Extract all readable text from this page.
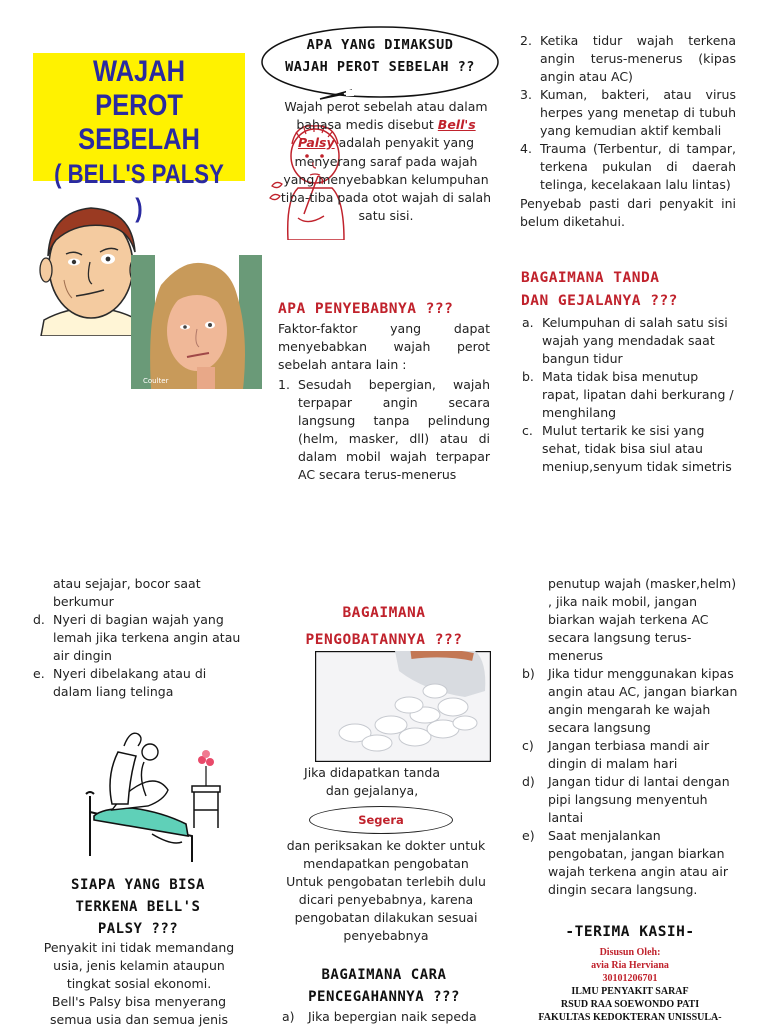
WAJAH PEROT
SEBELAH
( BELL'S PALSY )
Coulter
APA YANG DIMAKSUD
WAJAH PEROT SEBELAH ??
Wajah perot sebelah atau dalam bahasa medis disebut Bell's Palsy adalah penyakit yang menyerang saraf pada wajah yang menyebabkan kelumpuhan tiba-tiba pada otot wajah di salah satu sisi.
APA PENYEBABNYA ???
Faktor-faktor yang dapat menyebabkan wajah perot sebelah antara lain :
1. Sesudah bepergian, wajah terpapar angin secara langsung tanpa pelindung (helm, masker, dll) atau di dalam mobil wajah terpapar AC secara terus-menerus
2. Ketika tidur wajah terkena angin terus-menerus (kipas angin atau AC)
3. Kuman, bakteri, atau virus herpes yang menetap di tubuh yang kemudian aktif kembali
4. Trauma (Terbentur, di tampar, terkena pukulan di daerah telinga, kecelakaan lalu lintas)
Penyebab pasti dari penyakit ini belum diketahui.
BAGAIMANA TANDA
DAN GEJALANYA ???
a. Kelumpuhan di salah satu sisi wajah yang mendadak saat bangun tidur
b. Mata tidak bisa menutup rapat, lipatan dahi berkurang / menghilang
c. Mulut tertarik ke sisi yang sehat, tidak bisa siul atau meniup,senyum tidak simetris
atau sejajar, bocor saat berkumur
d. Nyeri di bagian wajah yang lemah jika terkena angin atau air dingin
e. Nyeri dibelakang atau di dalam liang telinga
SIAPA YANG BISA
TERKENA BELL'S
PALSY ???
Penyakit ini tidak memandang usia, jenis kelamin ataupun tingkat sosial ekonomi.
Bell's Palsy bisa menyerang semua usia dan semua jenis
BAGAIMANA
PENGOBATANNYA ???
Jika didapatkan tanda dan gejalanya,
Segera
dan periksakan ke dokter untuk mendapatkan pengobatan
Untuk pengobatan terlebih dulu dicari penyebabnya, karena pengobatan dilakukan sesuai penyebabnya
BAGAIMANA CARA
PENCEGAHANNYA ???
a) Jika bepergian naik sepeda
penutup wajah (masker,helm) , jika naik mobil, jangan biarkan wajah terkena AC secara langsung terus-menerus
b) Jika tidur menggunakan kipas angin atau AC, jangan biarkan angin mengarah ke wajah secara langsung
c) Jangan terbiasa mandi air dingin di malam hari
d) Jangan tidur di lantai dengan pipi langsung menyentuh lantai
e) Saat menjalankan pengobatan, jangan biarkan wajah terkena angin atau air dingin secara langsung.
-TERIMA KASIH-
Disusun Oleh:
avia Ria Herviana
30101206701
ILMU PENYAKIT SARAF
RSUD RAA SOEWONDO PATI
FAKULTAS KEDOKTERAN UNISSULA-
